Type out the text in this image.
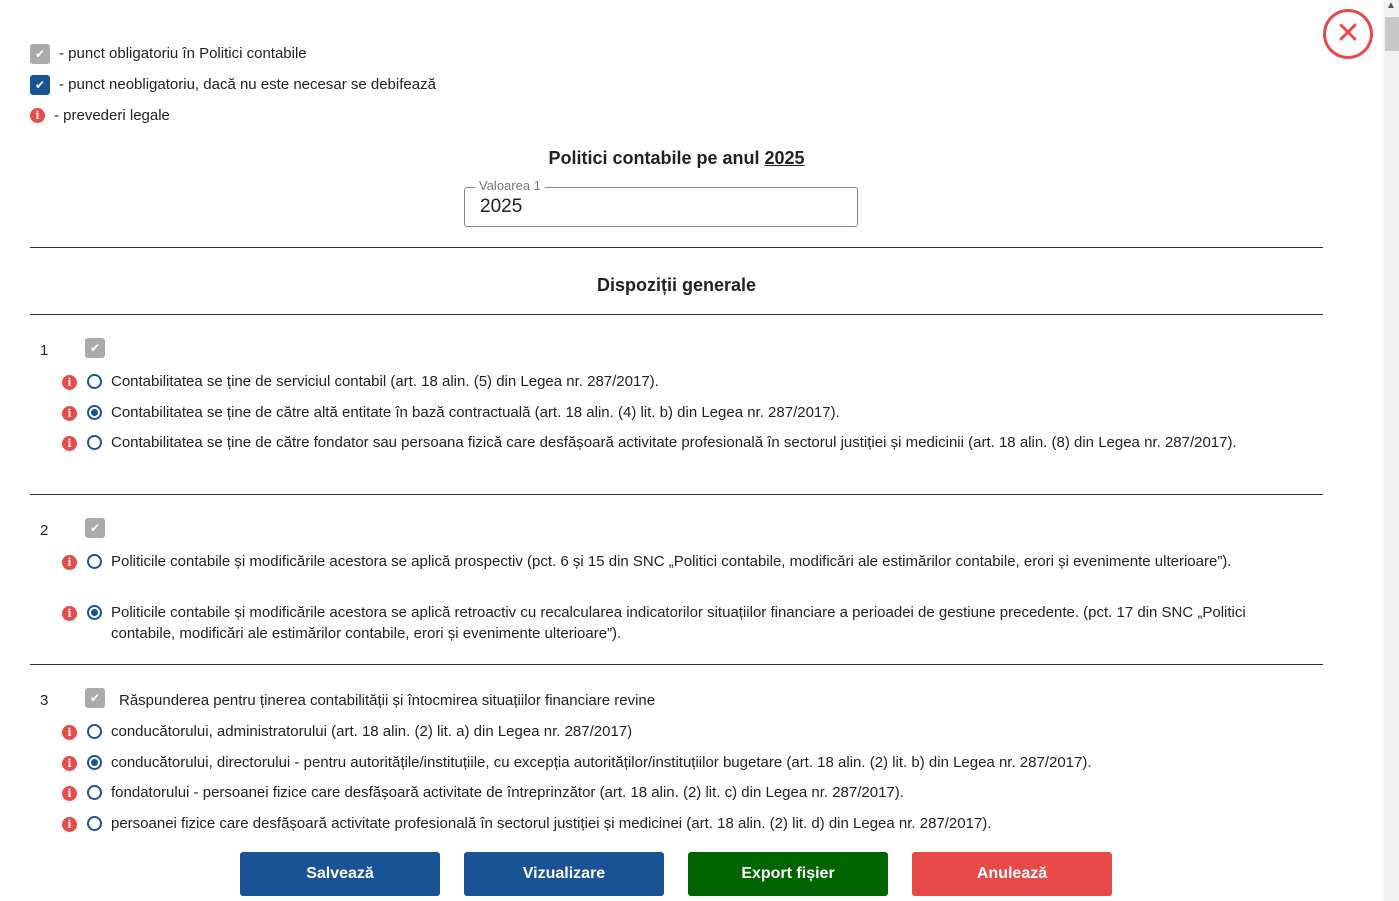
✔ - punct obligatoriu în Politici contabile
✔ - punct neobligatoriu, dacă nu este necesar se debifează
i - prevederi legale
✕
▲
Politici contabile pe anul 2025
Valoarea 1
2025
Dispoziții generale
1	✔
i	Contabilitatea se ține de serviciul contabil (art. 18 alin. (5) din Legea nr. 287/2017).
i	Contabilitatea se ține de către altă entitate în bază contractuală (art. 18 alin. (4) lit. b) din Legea nr. 287/2017).
i	Contabilitatea se ține de către fondator sau persoana fizică care desfășoară activitate profesională în sectorul justiției și medicinii (art. 18 alin. (8) din Legea nr. 287/2017).
2	✔
i	Politicile contabile și modificările acestora se aplică prospectiv (pct. 6 și 15 din SNC „Politici contabile, modificări ale estimărilor contabile, erori și evenimente ulterioare”).
i	Politicile contabile și modificările acestora se aplică retroactiv cu recalcularea indicatorilor situațiilor financiare a perioadei de gestiune precedente. (pct. 17 din SNC „Politici contabile, modificări ale estimărilor contabile, erori și evenimente ulterioare”).
3	✔	Răspunderea pentru ținerea contabilității și întocmirea situațiilor financiare revine
i	conducătorului, administratorului (art. 18 alin. (2) lit. a) din Legea nr. 287/2017)
i	conducătorului, directorului - pentru autoritățile/instituțiile, cu excepția autorităților/instituțiilor bugetare (art. 18 alin. (2) lit. b) din Legea nr. 287/2017).
i	fondatorului - persoanei fizice care desfășoară activitate de întreprinzător (art. 18 alin. (2) lit. c) din Legea nr. 287/2017).
i	persoanei fizice care desfășoară activitate profesională în sectorul justiției și medicinei (art. 18 alin. (2) lit. d) din Legea nr. 287/2017).
Salvează	Vizualizare	Export fișier	Anulează
